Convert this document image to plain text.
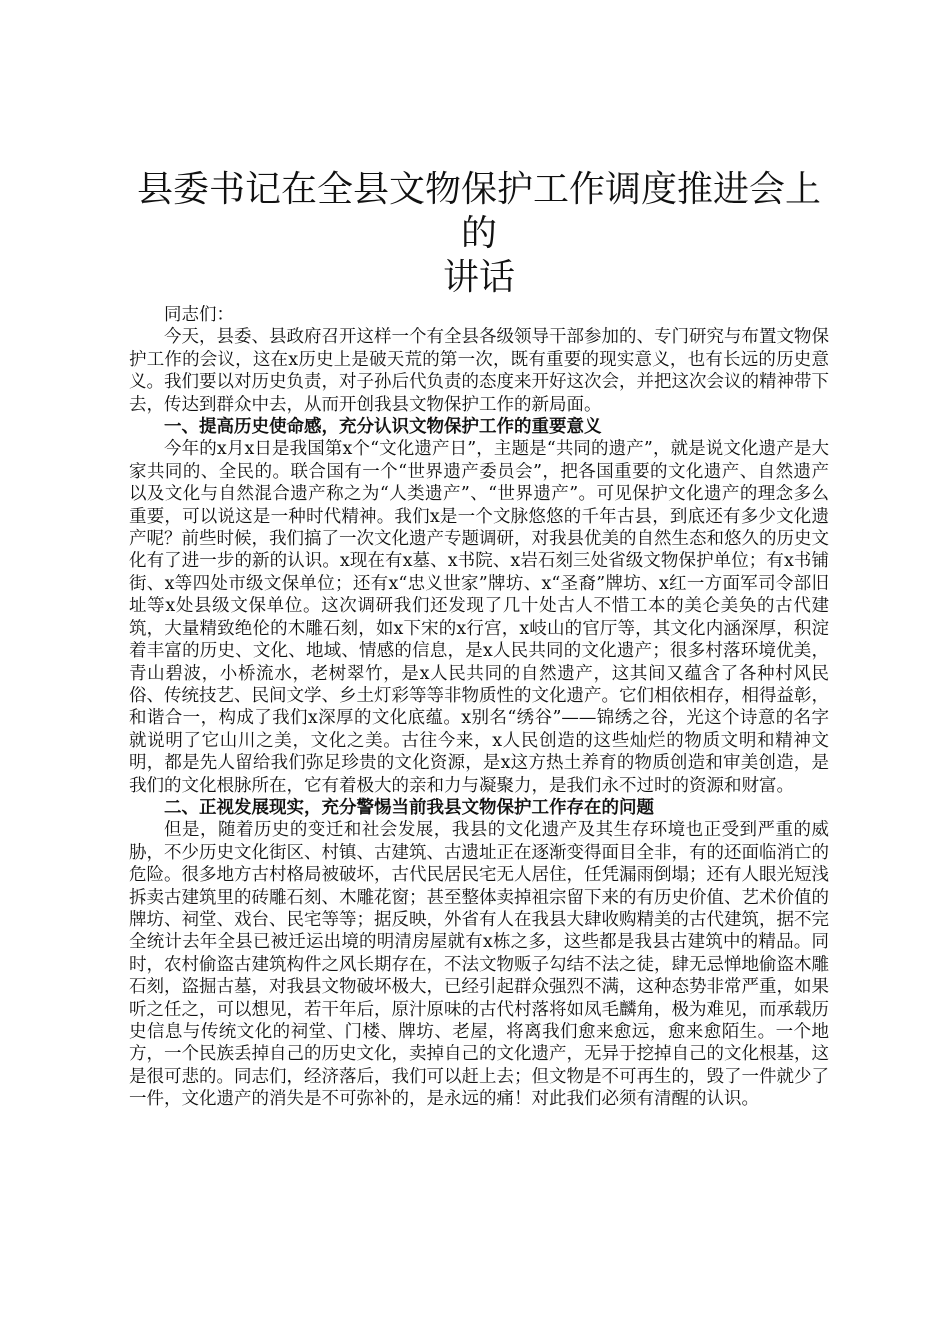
县委书记在全县文物保护工作调度推进会上的
讲话

同志们：

今天，县委、县政府召开这样一个有全县各级领导干部参加的、专门研究与布置文物保护工作的会议，这在x历史上是破天荒的第一次，既有重要的现实意义，也有长远的历史意义。我们要以对历史负责，对子孙后代负责的态度来开好这次会，并把这次会议的精神带下去，传达到群众中去，从而开创我县文物保护工作的新局面。

一、提高历史使命感，充分认识文物保护工作的重要意义

今年的x月x日是我国第x个“文化遗产日”，主题是“共同的遗产”，就是说文化遗产是大家共同的、全民的。联合国有一个“世界遗产委员会”，把各国重要的文化遗产、自然遗产以及文化与自然混合遗产称之为“人类遗产”、“世界遗产”。可见保护文化遗产的理念多么重要，可以说这是一种时代精神。我们x是一个文脉悠悠的千年古县，到底还有多少文化遗产呢？前些时候，我们搞了一次文化遗产专题调研，对我县优美的自然生态和悠久的历史文化有了进一步的新的认识。x现在有x墓、x书院、x岩石刻三处省级文物保护单位；有x书铺街、x等四处市级文保单位；还有x“忠义世家”牌坊、x“圣裔”牌坊、x红一方面军司令部旧址等x处县级文保单位。这次调研我们还发现了几十处古人不惜工本的美仑美奂的古代建筑，大量精致绝伦的木雕石刻，如x下宋的x行宫，x岐山的官厅等，其文化内涵深厚，积淀着丰富的历史、文化、地域、情感的信息，是x人民共同的文化遗产；很多村落环境优美，青山碧波，小桥流水，老树翠竹，是x人民共同的自然遗产，这其间又蕴含了各种村风民俗、传统技艺、民间文学、乡土灯彩等等非物质性的文化遗产。它们相依相存，相得益彰，和谐合一，构成了我们x深厚的文化底蕴。x别名“绣谷”——锦绣之谷，光这个诗意的名字就说明了它山川之美，文化之美。古往今来，x人民创造的这些灿烂的物质文明和精神文明，都是先人留给我们弥足珍贵的文化资源，是x这方热土养育的物质创造和审美创造，是我们的文化根脉所在，它有着极大的亲和力与凝聚力，是我们永不过时的资源和财富。

二、正视发展现实，充分警惕当前我县文物保护工作存在的问题

但是，随着历史的变迁和社会发展，我县的文化遗产及其生存环境也正受到严重的威胁，不少历史文化街区、村镇、古建筑、古遗址正在逐渐变得面目全非，有的还面临消亡的危险。很多地方古村格局被破坏，古代民居民宅无人居住，任凭漏雨倒塌；还有人眼光短浅拆卖古建筑里的砖雕石刻、木雕花窗；甚至整体卖掉祖宗留下来的有历史价值、艺术价值的牌坊、祠堂、戏台、民宅等等；据反映，外省有人在我县大肆收购精美的古代建筑，据不完全统计去年全县已被迁运出境的明清房屋就有x栋之多，这些都是我县古建筑中的精品。同时，农村偷盗古建筑构件之风长期存在，不法文物贩子勾结不法之徒，肆无忌惮地偷盗木雕石刻，盗掘古墓，对我县文物破坏极大，已经引起群众强烈不满，这种态势非常严重，如果听之任之，可以想见，若干年后，原汁原味的古代村落将如凤毛麟角，极为难见，而承载历史信息与传统文化的祠堂、门楼、牌坊、老屋，将离我们愈来愈远，愈来愈陌生。一个地方，一个民族丢掉自己的历史文化，卖掉自己的文化遗产，无异于挖掉自己的文化根基，这是很可悲的。同志们，经济落后，我们可以赶上去；但文物是不可再生的，毁了一件就少了一件，文化遗产的消失是不可弥补的，是永远的痛！对此我们必须有清醒的认识。
